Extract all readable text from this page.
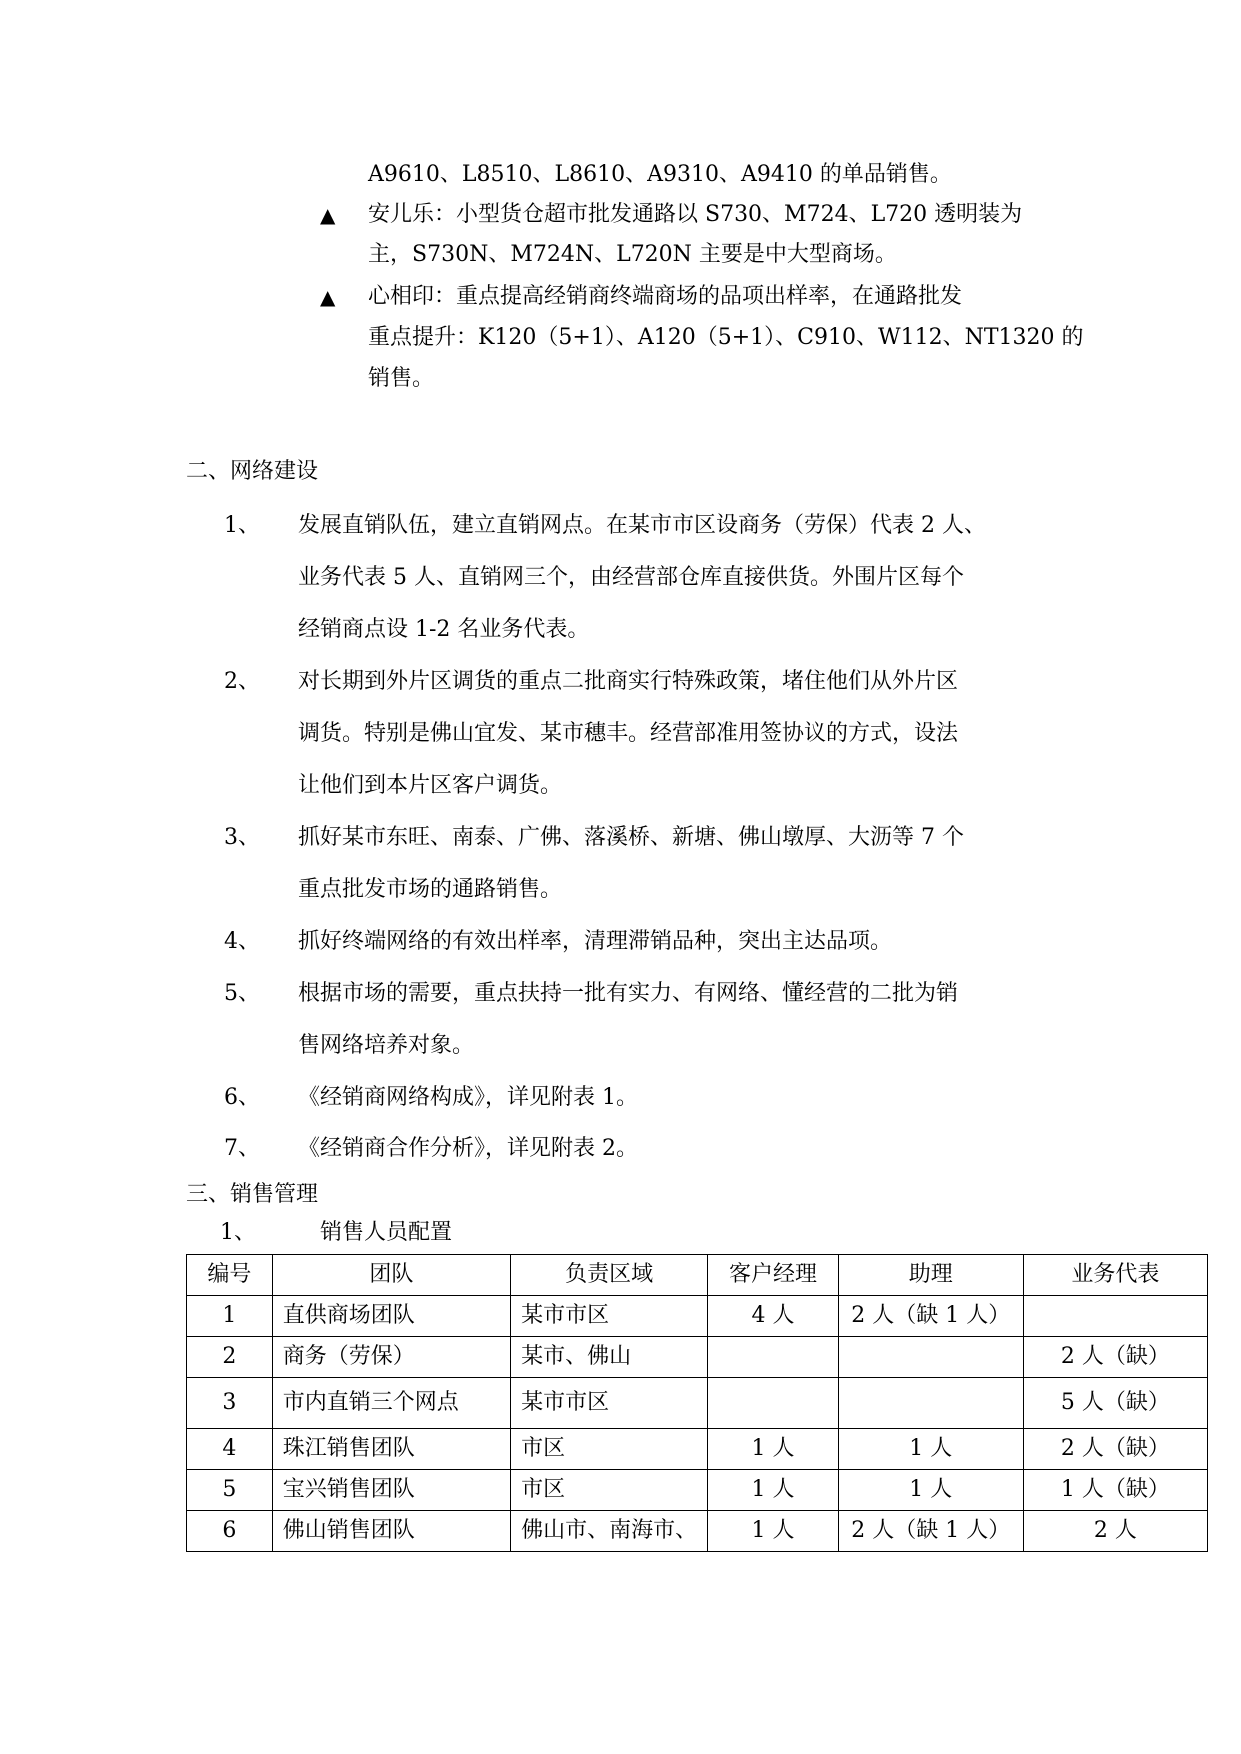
A9610、L8510、L8610、A9310、A9410 的单品销售。
▲ 安儿乐：小型货仓超市批发通路以 S730、M724、L720 透明装为
主，S730N、M724N、L720N 主要是中大型商场。
▲ 心相印：重点提高经销商终端商场的品项出样率，在通路批发
重点提升：K120（5+1）、A120（5+1）、C910、W112、NT1320 的
销售。
二、网络建设
1、 发展直销队伍，建立直销网点。在某市市区设商务（劳保）代表 2 人、
业务代表 5 人、直销网三个，由经营部仓库直接供货。外围片区每个
经销商点设 1-2 名业务代表。
2、 对长期到外片区调货的重点二批商实行特殊政策，堵住他们从外片区
调货。特别是佛山宜发、某市穗丰。经营部准用签协议的方式，设法
让他们到本片区客户调货。
3、 抓好某市东旺、南泰、广佛、落溪桥、新塘、佛山墩厚、大沥等 7 个
重点批发市场的通路销售。
4、 抓好终端网络的有效出样率，清理滞销品种，突出主达品项。
5、 根据市场的需要，重点扶持一批有实力、有网络、懂经营的二批为销
售网络培养对象。
6、 《经销商网络构成》，详见附表 1。
7、 《经销商合作分析》，详见附表 2。
三、销售管理
1、	销售人员配置
编号	团队	负责区域	客户经理	助理	业务代表
1	直供商场团队	某市市区	4 人	2 人（缺 1 人）	
2	商务（劳保）	某市、佛山			2 人（缺）
3	市内直销三个网点	某市市区			5 人（缺）
4	珠江销售团队	市区	1 人	1 人	2 人（缺）
5	宝兴销售团队	市区	1 人	1 人	1 人（缺）
6	佛山销售团队	佛山市、南海市、	1 人	2 人（缺 1 人）	2 人
